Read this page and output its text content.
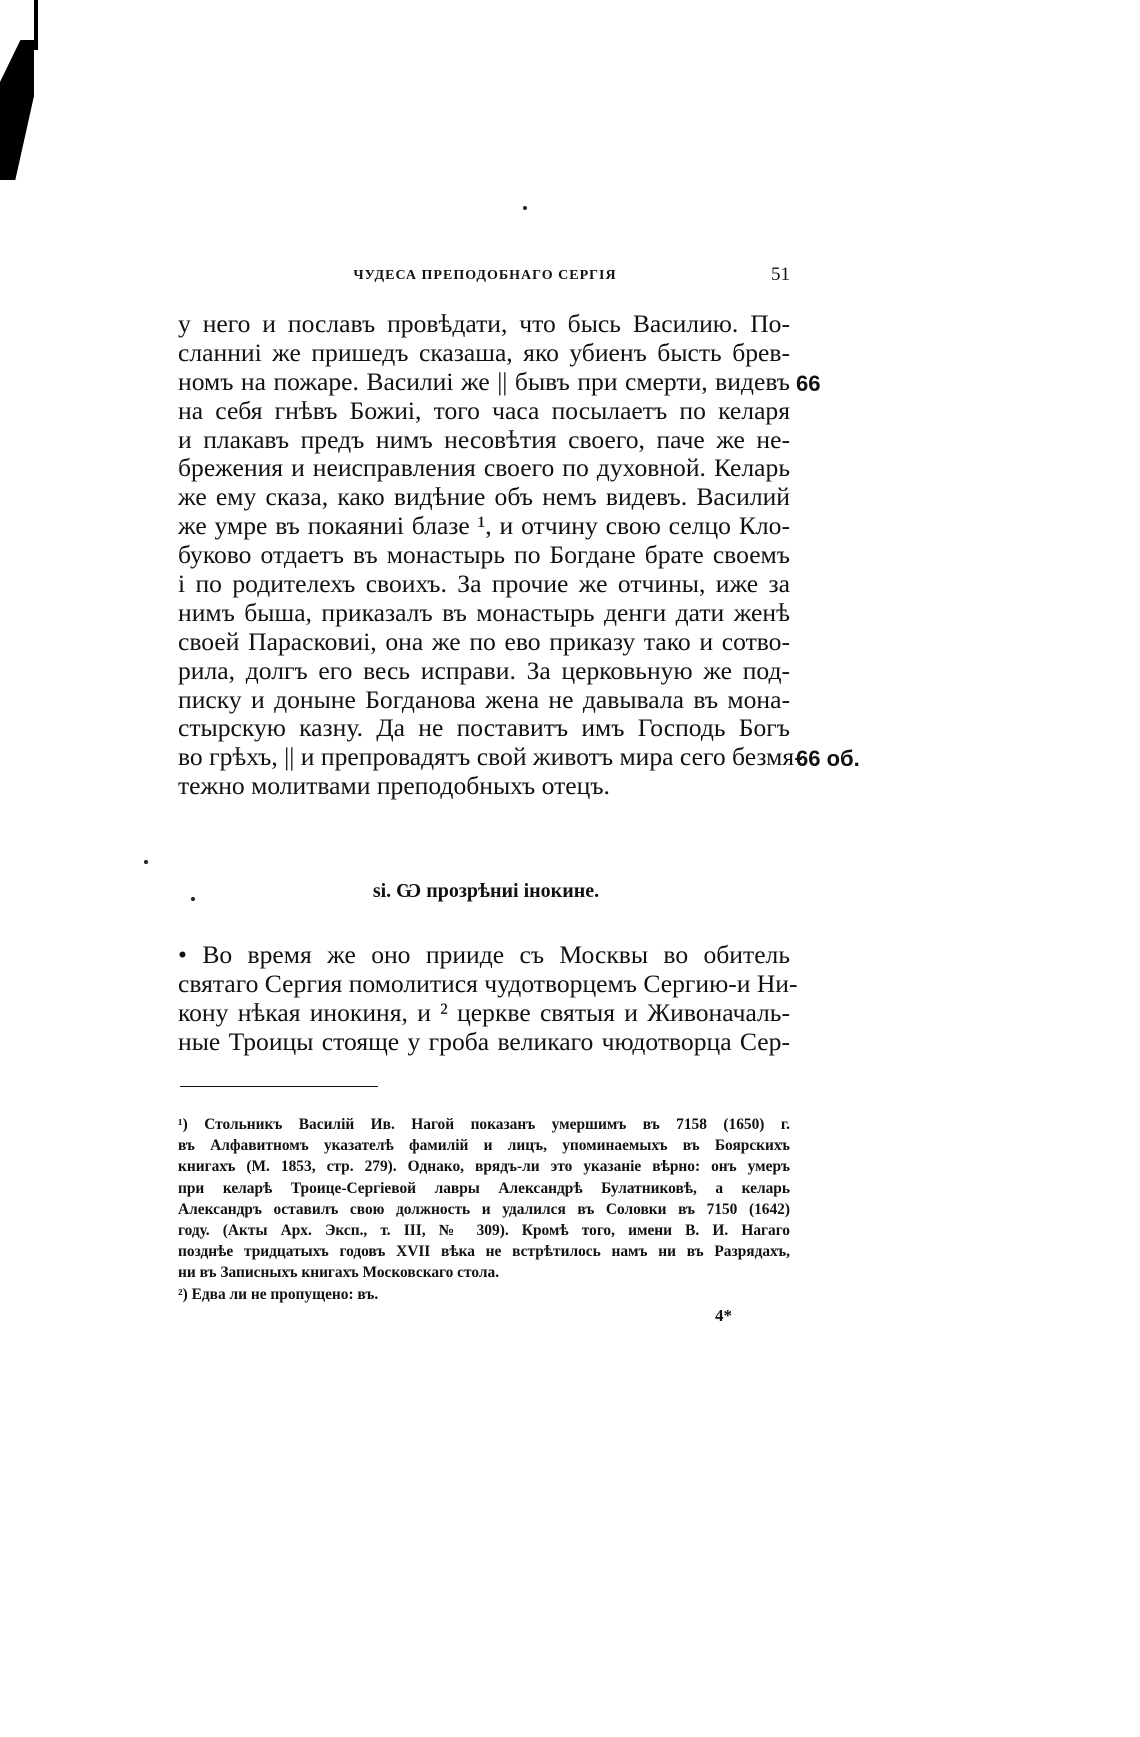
ЧУДЕСА ПРЕПОДОБНАГО СЕРГІЯ	51
у него и пославъ провѣдати, что бысь Василию. По-
сланниі же пришедъ сказаша, яко убиенъ бысть брев-
номъ на пожаре. Василиі же || бывъ при смерти, видевъ 66
на себя гнѣвъ Божиі, того часа посылаетъ по келаря
и плакавъ предъ нимъ несовѣтия своего, паче же не-
брежения и неисправления своего по духовной. Келарь
же ему сказа, како видѣние объ немъ видевъ. Василий
же умре въ покаяниі блазе ¹, и отчину свою селцо Кло-
буково отдаетъ въ монастырь по Богдане брате своемъ
і по родителехъ своихъ. За прочие же отчины, иже за
нимъ быша, приказалъ въ монастырь денги дати женѣ
своей Парасковиі, она же по ево приказу тако и сотво-
рила, долгъ его весь исправи. За церковьную же под-
писку и доныне Богданова жена не давывала въ мона-
стырскую казну. Да не поставитъ имъ Господь Богъ
во грѣхъ, || и препровадятъ свой животъ мира сего безмя-
66 об.
тежно молитвами преподобныхъ отецъ.
ѕі. Ѡ прозрѣниі інокине.
• Во время же оно прииде съ Москвы во обитель
святаго Сергия помолитися чудотворцемъ Сергию-и Ни-
кону нѣкая инокиня, и ² церкве святыя и Живоначаль-
ные Троицы стояще у гроба великаго чюдотворца Сер-
¹) Стольникъ Василій Ив. Нагой показанъ умершимъ въ 7158 (1650) г.
въ Алфавитномъ указателѣ фамилій и лицъ, упоминаемыхъ въ Боярскихъ
книгахъ (М. 1853, стр. 279). Однако, врядъ-ли это указаніе вѣрно: онъ умеръ
при келарѣ Троице-Сергіевой лавры Александрѣ Булатниковѣ, а келарь
Александръ оставилъ свою должность и удалился въ Соловки въ 7150 (1642)
году. (Акты Арх. Эксп., т. III, № 309). Кромѣ того, имени В. И. Нагаго
позднѣе тридцатыхъ годовъ XVII вѣка не встрѣтилось намъ ни въ Разрядахъ,
ни въ Записныхъ книгахъ Московскаго стола.
²) Едва ли не пропущено: въ.
4*
